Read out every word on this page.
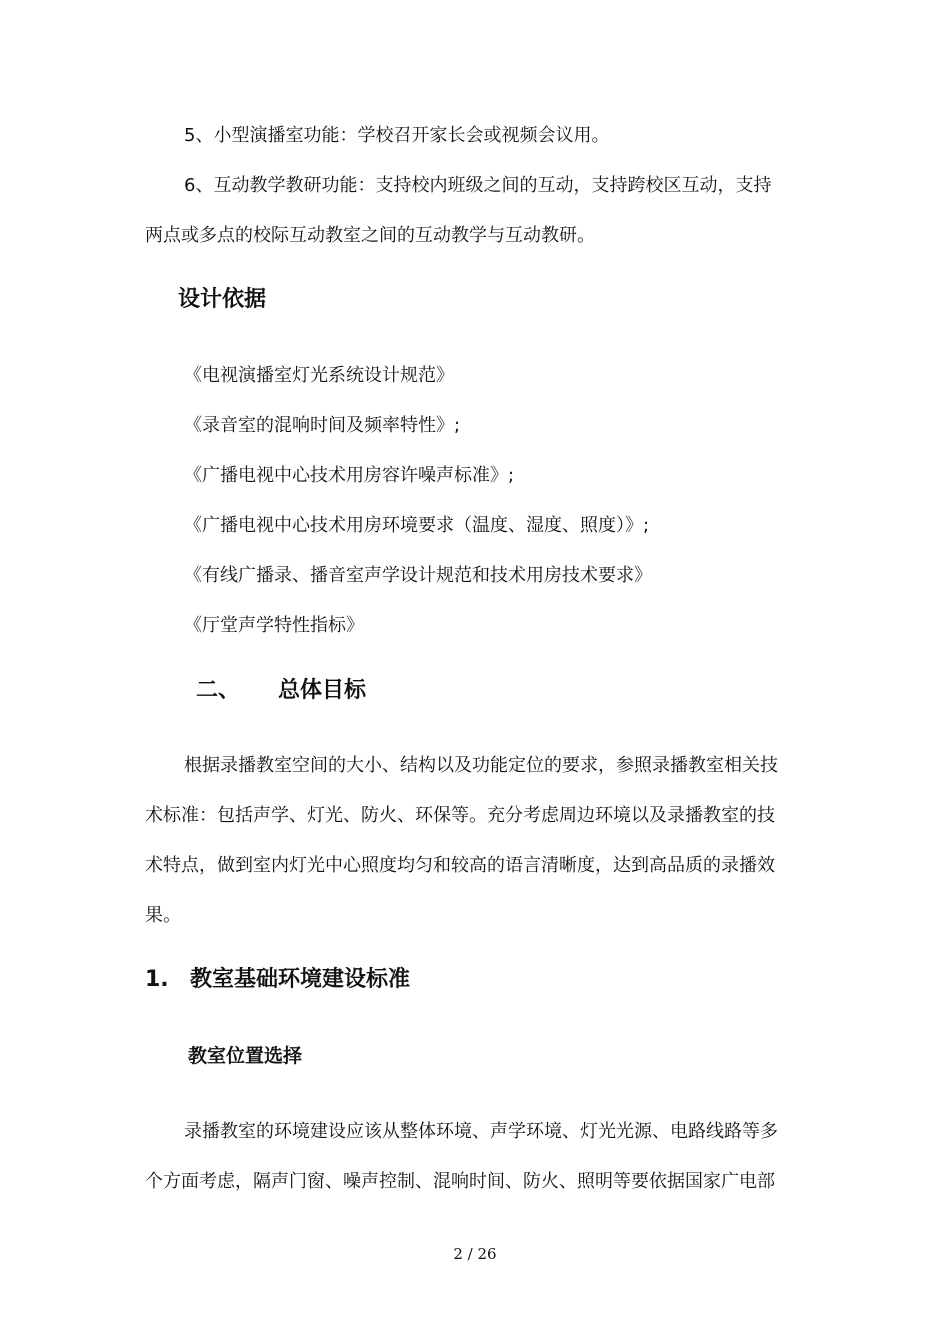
5、小型演播室功能：学校召开家长会或视频会议用。

6、互动教学教研功能：支持校内班级之间的互动，支持跨校区互动，支持

两点或多点的校际互动教室之间的互动教学与互动教研。

设计依据

《电视演播室灯光系统设计规范》

《录音室的混响时间及频率特性》;

《广播电视中心技术用房容许噪声标准》;

《广播电视中心技术用房环境要求（温度、湿度、照度）》;

《有线广播录、播音室声学设计规范和技术用房技术要求》

《厅堂声学特性指标》

二、 总体目标

根据录播教室空间的大小、结构以及功能定位的要求，参照录播教室相关技

术标准：包括声学、灯光、防火、环保等。充分考虑周边环境以及录播教室的技

术特点，做到室内灯光中心照度均匀和较高的语言清晰度，达到高品质的录播效

果。

1. 教室基础环境建设标准
教室位置选择

录播教室的环境建设应该从整体环境、声学环境、灯光光源、电路线路等多

个方面考虑，隔声门窗、噪声控制、混响时间、防火、照明等要依据国家广电部

2 / 26
